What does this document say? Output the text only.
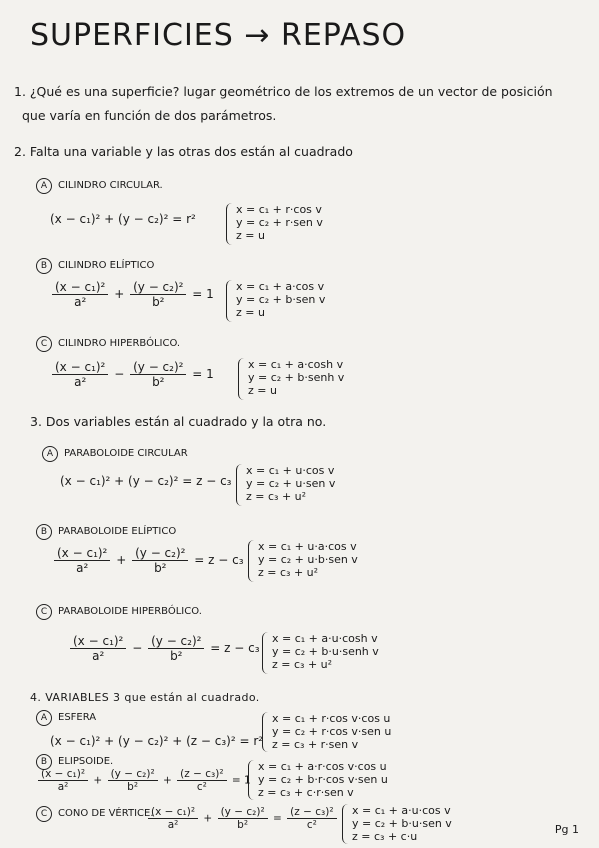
SUPERFICIES → REPASO
1. ¿Qué es una superficie? lugar geométrico de los extremos de un vector de posición
que varía en función de dos parámetros.
2. Falta una variable y las otras dos están al cuadrado
A CILINDRO CIRCULAR.
(x − c₁)² + (y − c₂)² = r²
x = c₁ + r·cos v
y = c₂ + r·sen v
z = u
B CILINDRO ELÍPTICO
$\frac{\text{(x − c₁)²}}{\text{a²}} + \frac{\text{(y − c₂)²}}{\text{b²}} = 1$
x = c₁ + a·cos v
y = c₂ + b·sen v
z = u
C CILINDRO HIPERBÓLICO.
$\frac{\text{(x − c₁)²}}{\text{a²}} - \frac{\text{(y − c₂)²}}{\text{b²}} = 1$
x = c₁ + a·cosh v
y = c₂ + b·senh v
z = u
3. Dos variables están al cuadrado y la otra no.
A PARABOLOIDE CIRCULAR
(x − c₁)² + (y − c₂)² = z − c₃
x = c₁ + u·cos v
y = c₂ + u·sen v
z = c₃ + u²
B PARABOLOIDE ELÍPTICO
$\frac{\text{(x − c₁)²}}{\text{a²}} + \frac{\text{(y − c₂)²}}{\text{b²}} = z - c_3$
x = c₁ + u·a·cos v
y = c₂ + u·b·sen v
z = c₃ + u²
C PARABOLOIDE HIPERBÓLICO.
$\frac{\text{(x − c₁)²}}{\text{a²}} - \frac{\text{(y − c₂)²}}{\text{b²}} = z - c_3$
x = c₁ + a·u·cosh v
y = c₂ + b·u·senh v
z = c₃ + u²
4. VARIABLES 3 que están al cuadrado.
A ESFERA
(x − c₁)² + (y − c₂)² + (z − c₃)² = r²
x = c₁ + r·cos v·cos u
y = c₂ + r·cos v·sen u
z = c₃ + r·sen v
B ELIPSOIDE.
$\frac{\text{(x − c₁)²}}{\text{a²}} + \frac{\text{(y − c₂)²}}{\text{b²}} + \frac{\text{(z − c₃)²}}{\text{c²}} = 1$
x = c₁ + a·r·cos v·cos u
y = c₂ + b·r·cos v·sen u
z = c₃ + c·r·sen v
C CONO DE VÉRTICE.
$\frac{\text{(x − c₁)²}}{\text{a²}} + \frac{\text{(y − c₂)²}}{\text{b²}} = \frac{\text{(z − c₃)²}}{\text{c²}}$ x = c₁ + a·u·cos v
y = c₂ + b·u·sen v
z = c₃ + c·u
Pg 1
